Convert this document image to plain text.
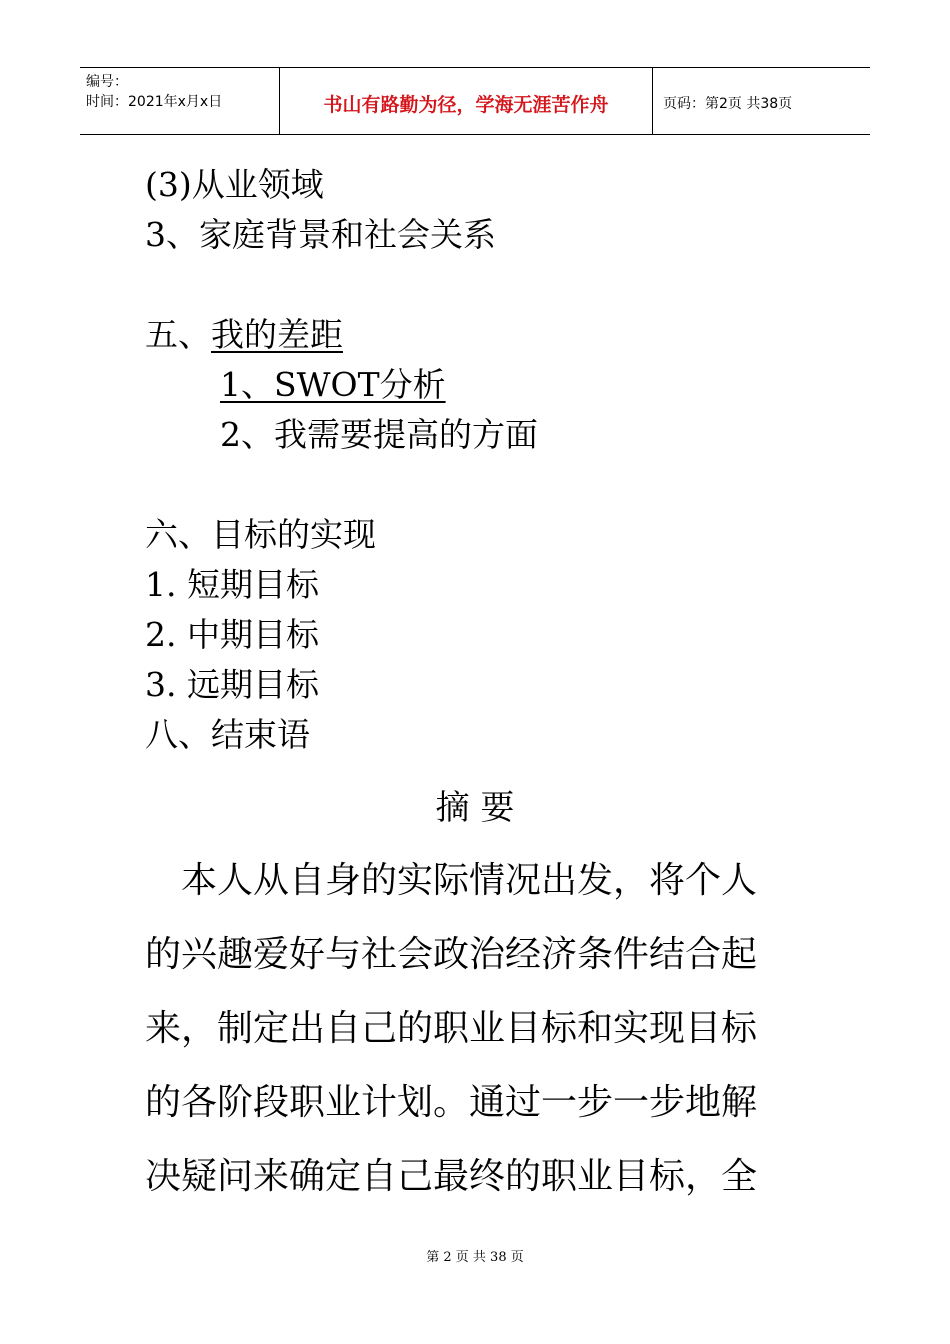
编号：
时间：2021年x月x日	书山有路勤为径，学海无涯苦作舟	页码：第2页 共38页
(3)从业领域
3、家庭背景和社会关系
五、我的差距
1、SWOT分析
2、我需要提高的方面
六、目标的实现
1. 短期目标
2. 中期目标
3. 远期目标
八、结束语
摘 要
　本人从自身的实际情况出发，将个人
的兴趣爱好与社会政治经济条件结合起
来，制定出自己的职业目标和实现目标
的各阶段职业计划。通过一步一步地解
决疑问来确定自己最终的职业目标，全
第 2 页 共 38 页
